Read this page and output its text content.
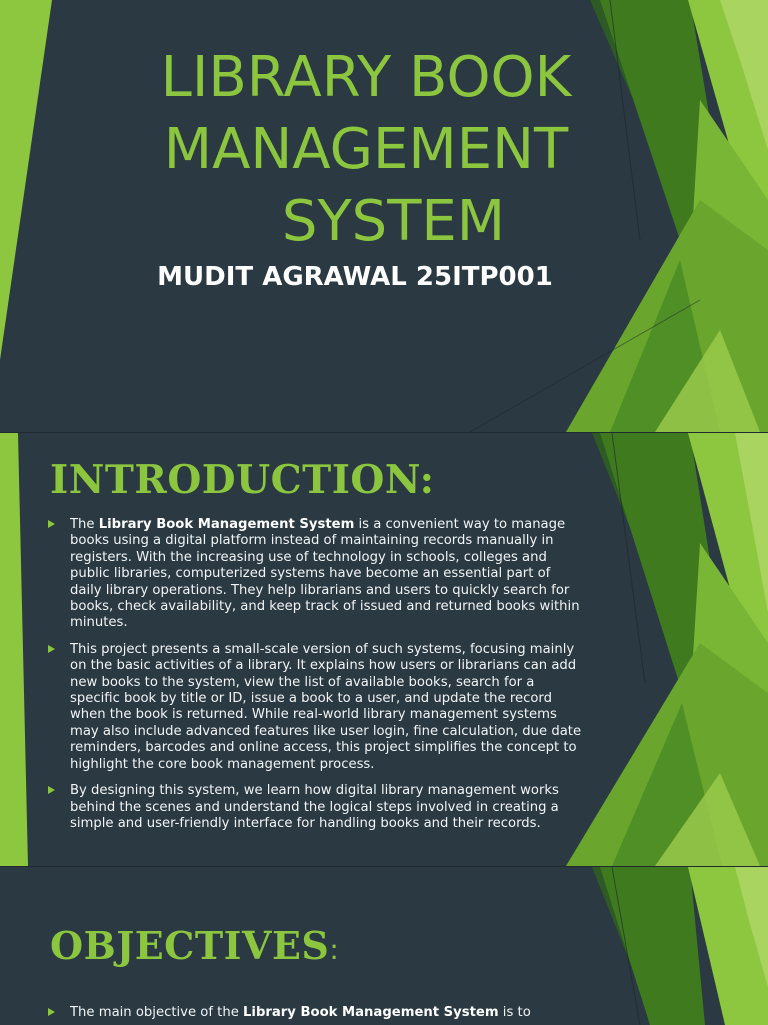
LIBRARY BOOK
MANAGEMENT
SYSTEM

MUDIT AGRAWAL 25ITP001

INTRODUCTION:
The Library Book Management System is a convenient way to manage books using a digital platform instead of maintaining records manually in registers. With the increasing use of technology in schools, colleges and public libraries, computerized systems have become an essential part of daily library operations. They help librarians and users to quickly search for books, check availability, and keep track of issued and returned books within minutes.
This project presents a small-scale version of such systems, focusing mainly on the basic activities of a library. It explains how users or librarians can add new books to the system, view the list of available books, search for a specific book by title or ID, issue a book to a user, and update the record when the book is returned. While real-world library management systems may also include advanced features like user login, fine calculation, due date reminders, barcodes and online access, this project simplifies the concept to highlight the core book management process.
By designing this system, we learn how digital library management works behind the scenes and understand the logical steps involved in creating a simple and user-friendly interface for handling books and their records.
OBJECTIVES:
The main objective of the Library Book Management System is to
